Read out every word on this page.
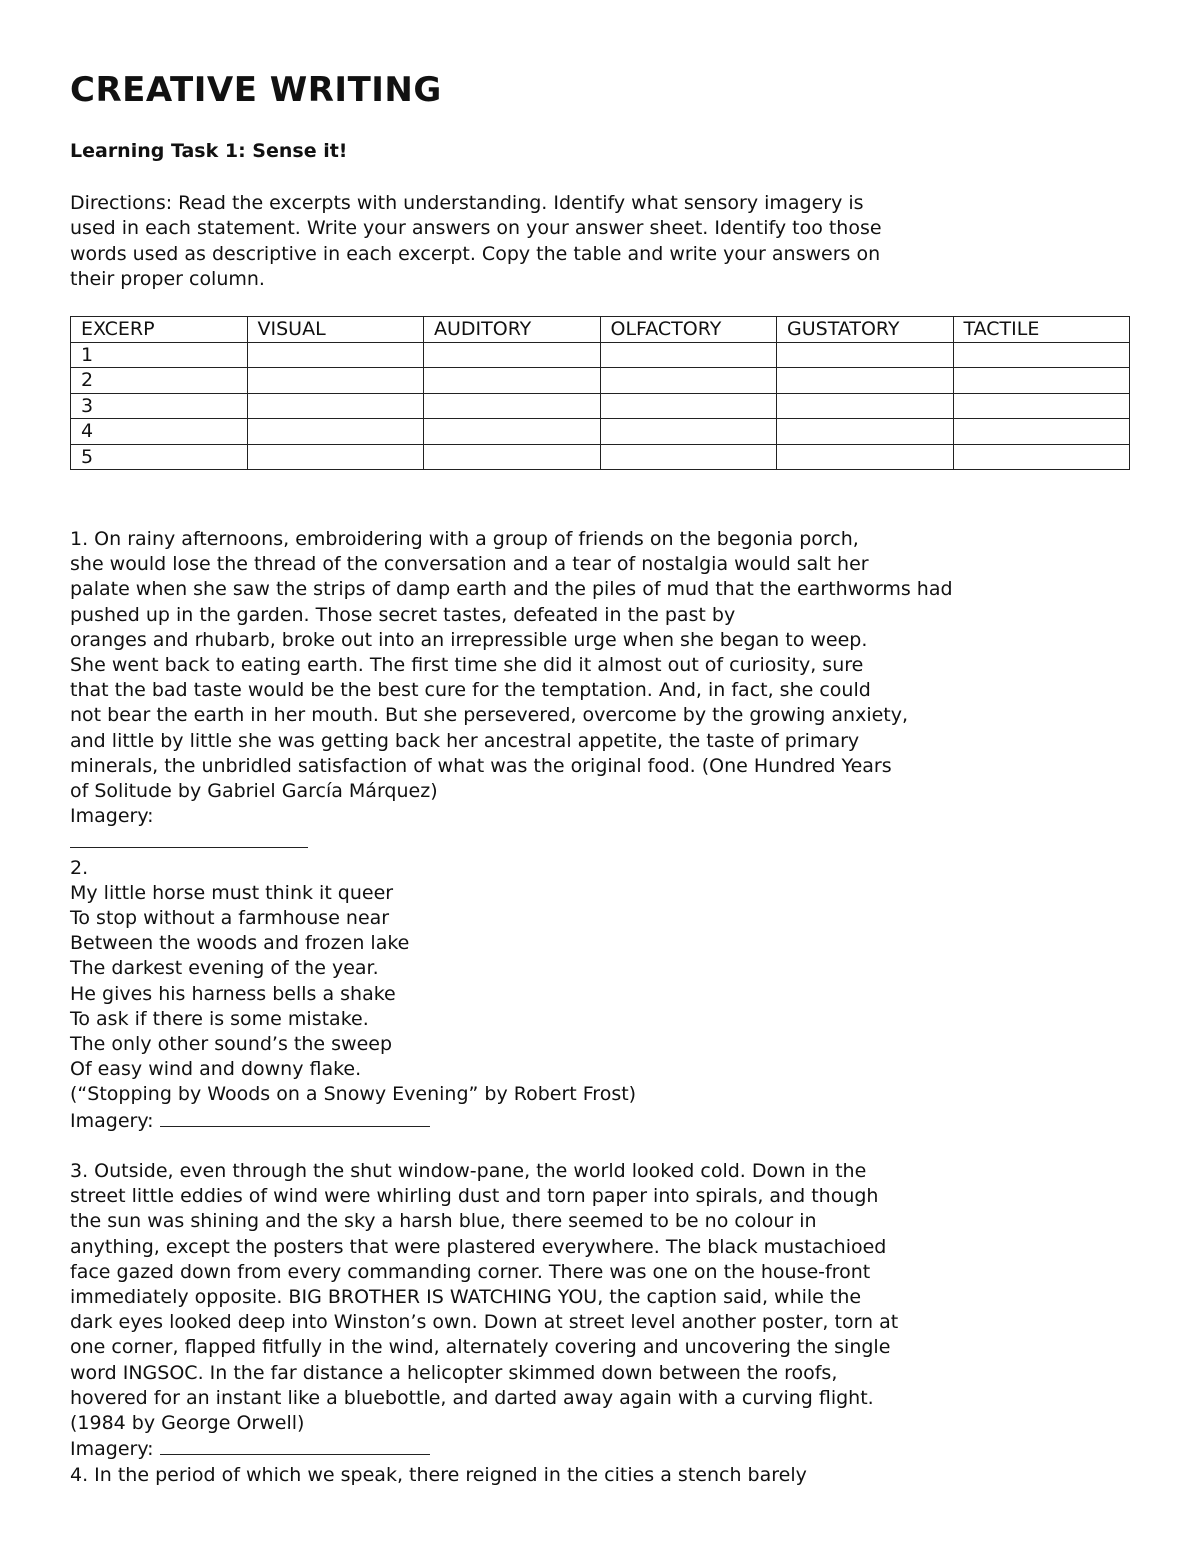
CREATIVE WRITING
Learning Task 1: Sense it!
Directions: Read the excerpts with understanding. Identify what sensory imagery is
used in each statement. Write your answers on your answer sheet. Identify too those
words used as descriptive in each excerpt. Copy the table and write your answers on
their proper column.
EXCERP	VISUAL	AUDITORY	OLFACTORY	GUSTATORY	TACTILE
1					
2					
3					
4					
5					
1. On rainy afternoons, embroidering with a group of friends on the begonia porch,
she would lose the thread of the conversation and a tear of nostalgia would salt her
palate when she saw the strips of damp earth and the piles of mud that the earthworms had
pushed up in the garden. Those secret tastes, defeated in the past by
oranges and rhubarb, broke out into an irrepressible urge when she began to weep.
She went back to eating earth. The first time she did it almost out of curiosity, sure
that the bad taste would be the best cure for the temptation. And, in fact, she could
not bear the earth in her mouth. But she persevered, overcome by the growing anxiety,
and little by little she was getting back her ancestral appetite, the taste of primary
minerals, the unbridled satisfaction of what was the original food. (One Hundred Years
of Solitude by Gabriel García Márquez)
Imagery:
2.
My little horse must think it queer
To stop without a farmhouse near
Between the woods and frozen lake
The darkest evening of the year.
He gives his harness bells a shake
To ask if there is some mistake.
The only other sound’s the sweep
Of easy wind and downy flake.
(“Stopping by Woods on a Snowy Evening” by Robert Frost)
Imagery:
3. Outside, even through the shut window-pane, the world looked cold. Down in the
street little eddies of wind were whirling dust and torn paper into spirals, and though
the sun was shining and the sky a harsh blue, there seemed to be no colour in
anything, except the posters that were plastered everywhere. The black mustachioed
face gazed down from every commanding corner. There was one on the house-front
immediately opposite. BIG BROTHER IS WATCHING YOU, the caption said, while the
dark eyes looked deep into Winston’s own. Down at street level another poster, torn at
one corner, flapped fitfully in the wind, alternately covering and uncovering the single
word INGSOC. In the far distance a helicopter skimmed down between the roofs,
hovered for an instant like a bluebottle, and darted away again with a curving flight.
(1984 by George Orwell)
Imagery:
4. In the period of which we speak, there reigned in the cities a stench barely
